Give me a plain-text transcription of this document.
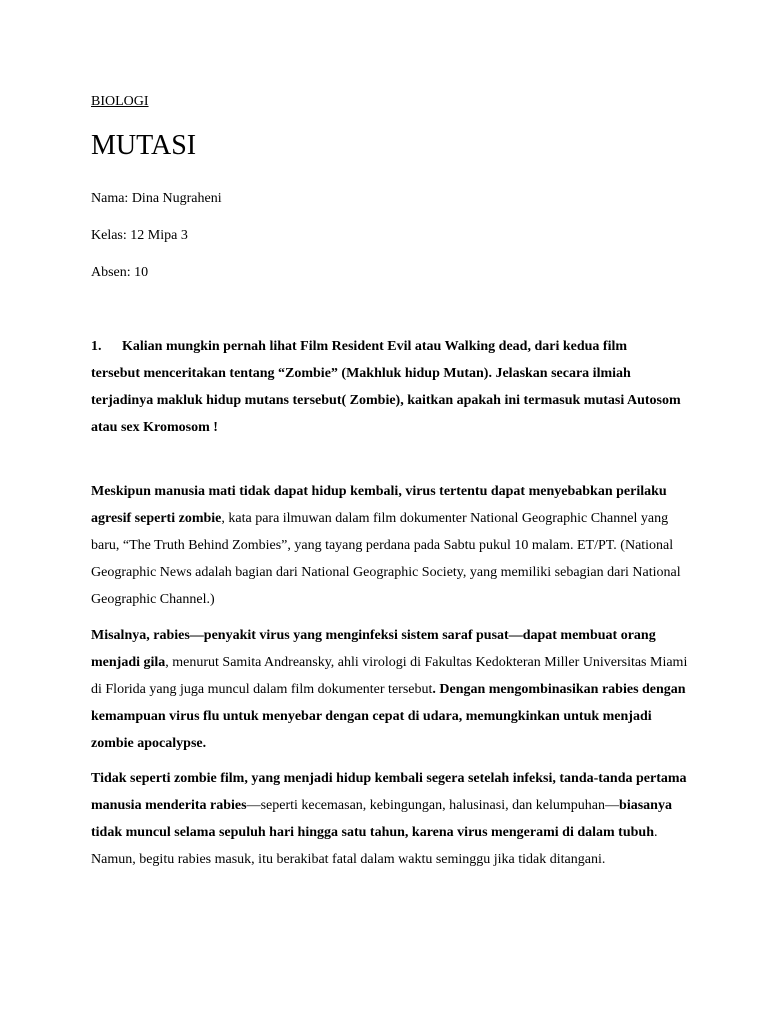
BIOLOGI
MUTASI
Nama: Dina Nugraheni
Kelas: 12 Mipa 3
Absen: 10
1. Kalian mungkin pernah lihat Film Resident Evil atau Walking dead, dari kedua film
tersebut menceritakan tentang “Zombie” (Makhluk hidup Mutan). Jelaskan secara ilmiah terjadinya makluk hidup mutans tersebut( Zombie), kaitkan apakah ini termasuk mutasi Autosom atau sex Kromosom !
Meskipun manusia mati tidak dapat hidup kembali, virus tertentu dapat menyebabkan perilaku agresif seperti zombie, kata para ilmuwan dalam film dokumenter National Geographic Channel yang baru, “The Truth Behind Zombies”, yang tayang perdana pada Sabtu pukul 10 malam. ET/PT. (National Geographic News adalah bagian dari National Geographic Society, yang memiliki sebagian dari National Geographic Channel.)
Misalnya, rabies—penyakit virus yang menginfeksi sistem saraf pusat—dapat membuat orang menjadi gila, menurut Samita Andreansky, ahli virologi di Fakultas Kedokteran Miller Universitas Miami di Florida yang juga muncul dalam film dokumenter tersebut. Dengan mengombinasikan rabies dengan kemampuan virus flu untuk menyebar dengan cepat di udara, memungkinkan untuk menjadi zombie apocalypse.
Tidak seperti zombie film, yang menjadi hidup kembali segera setelah infeksi, tanda-tanda pertama manusia menderita rabies—seperti kecemasan, kebingungan, halusinasi, dan kelumpuhan—biasanya tidak muncul selama sepuluh hari hingga satu tahun, karena virus mengerami di dalam tubuh. Namun, begitu rabies masuk, itu berakibat fatal dalam waktu seminggu jika tidak ditangani.
